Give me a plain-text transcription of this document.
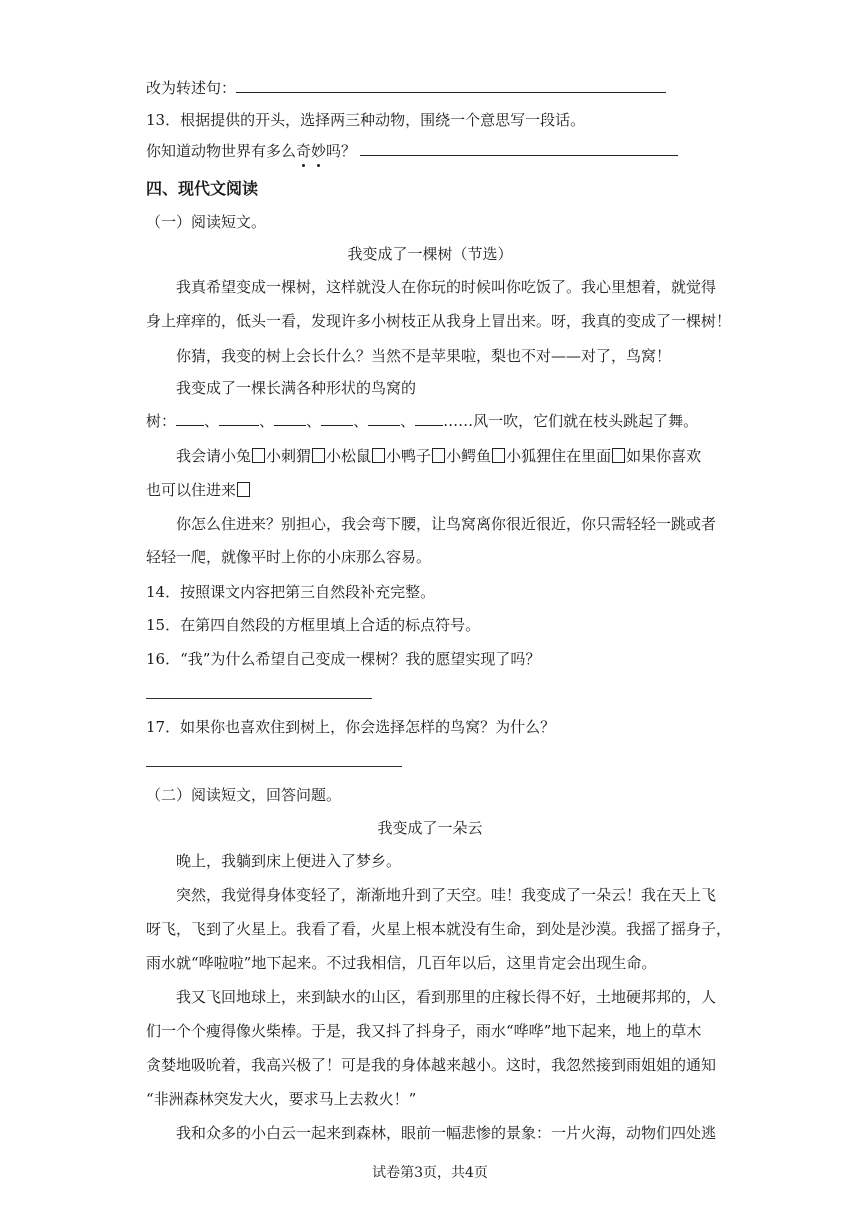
改为转述句：
13．根据提供的开头，选择两三种动物，围绕一个意思写一段话。
你知道动物世界有多么奇妙吗？
四、现代文阅读
（一）阅读短文。
我变成了一棵树（节选）
我真希望变成一棵树，这样就没人在你玩的时候叫你吃饭了。我心里想着，就觉得
身上痒痒的，低头一看，发现许多小树枝正从我身上冒出来。呀，我真的变成了一棵树！
你猜，我变的树上会长什么？当然不是苹果啦，梨也不对——对了，鸟窝！
我变成了一棵长满各种形状的鸟窝的
树： 、	、 、 、 、 ……风一吹，它们就在枝头跳起了舞。
我会请小兔 小刺猬 小松鼠 小鸭子 小鳄鱼 小狐狸住在里面 如果你喜欢
也可以住进来
你怎么住进来？别担心，我会弯下腰，让鸟窝离你很近很近，你只需轻轻一跳或者
轻轻一爬，就像平时上你的小床那么容易。
14．按照课文内容把第三自然段补充完整。
15．在第四自然段的方框里填上合适的标点符号。
16．“我”为什么希望自己变成一棵树？我的愿望实现了吗？
17．如果你也喜欢住到树上，你会选择怎样的鸟窝？为什么？
（二）阅读短文，回答问题。
我变成了一朵云
晚上，我躺到床上便进入了梦乡。
突然，我觉得身体变轻了，渐渐地升到了天空。哇！我变成了一朵云！我在天上飞
呀飞，飞到了火星上。我看了看，火星上根本就没有生命，到处是沙漠。我摇了摇身子，
雨水就“哗啦啦”地下起来。不过我相信，几百年以后，这里肯定会出现生命。
我又飞回地球上，来到缺水的山区，看到那里的庄稼长得不好，土地硬邦邦的，人
们一个个瘦得像火柴棒。于是，我又抖了抖身子，雨水“哗哗”地下起来，地上的草木
贪婪地吸吮着，我高兴极了！可是我的身体越来越小。这时，我忽然接到雨姐姐的通知
“非洲森林突发大火，要求马上去救火！”
我和众多的小白云一起来到森林，眼前一幅悲惨的景象：一片火海，动物们四处逃
试卷第3页，共4页
